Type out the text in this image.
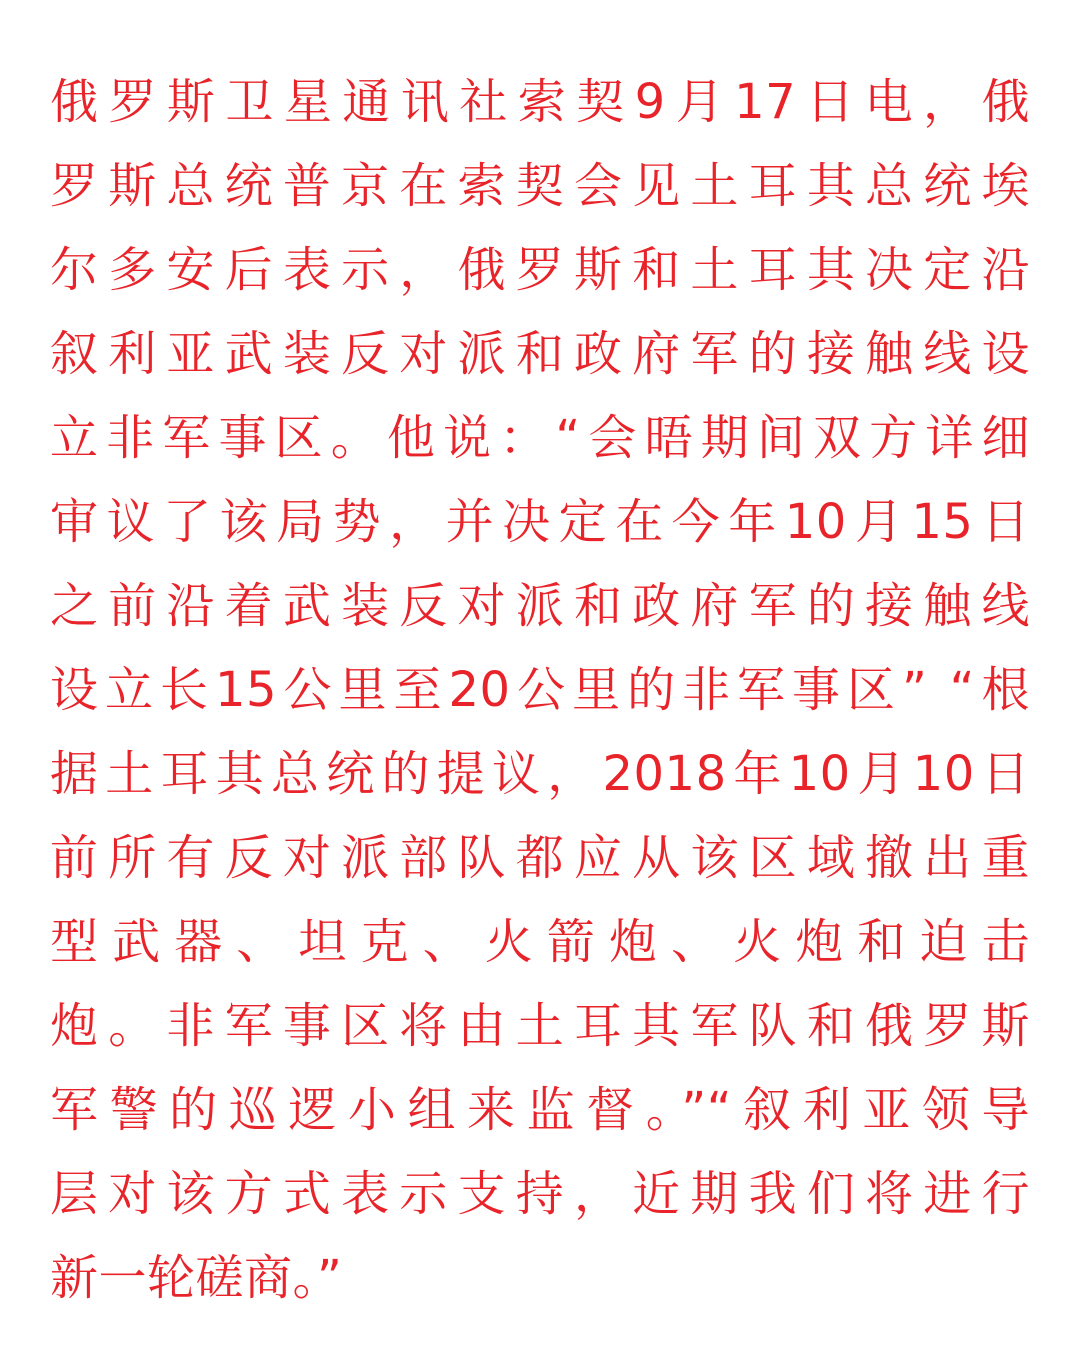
俄罗斯卫星通讯社索契9月17日电，俄
罗斯总统普京在索契会见土耳其总统埃
尔多安后表示，俄罗斯和土耳其决定沿
叙利亚武装反对派和政府军的接触线设
立非军事区。他说：“会晤期间双方详细
审议了该局势，并决定在今年10月15日
之前沿着武装反对派和政府军的接触线
设立长15公里至20公里的非军事区” “根
据土耳其总统的提议，2018年10月10日
前所有反对派部队都应从该区域撤出重
型武器、坦克、火箭炮、火炮和迫击
炮。非军事区将由土耳其军队和俄罗斯
军警的巡逻小组来监督。”“叙利亚领导
层对该方式表示支持，近期我们将进行
新一轮磋商。”
